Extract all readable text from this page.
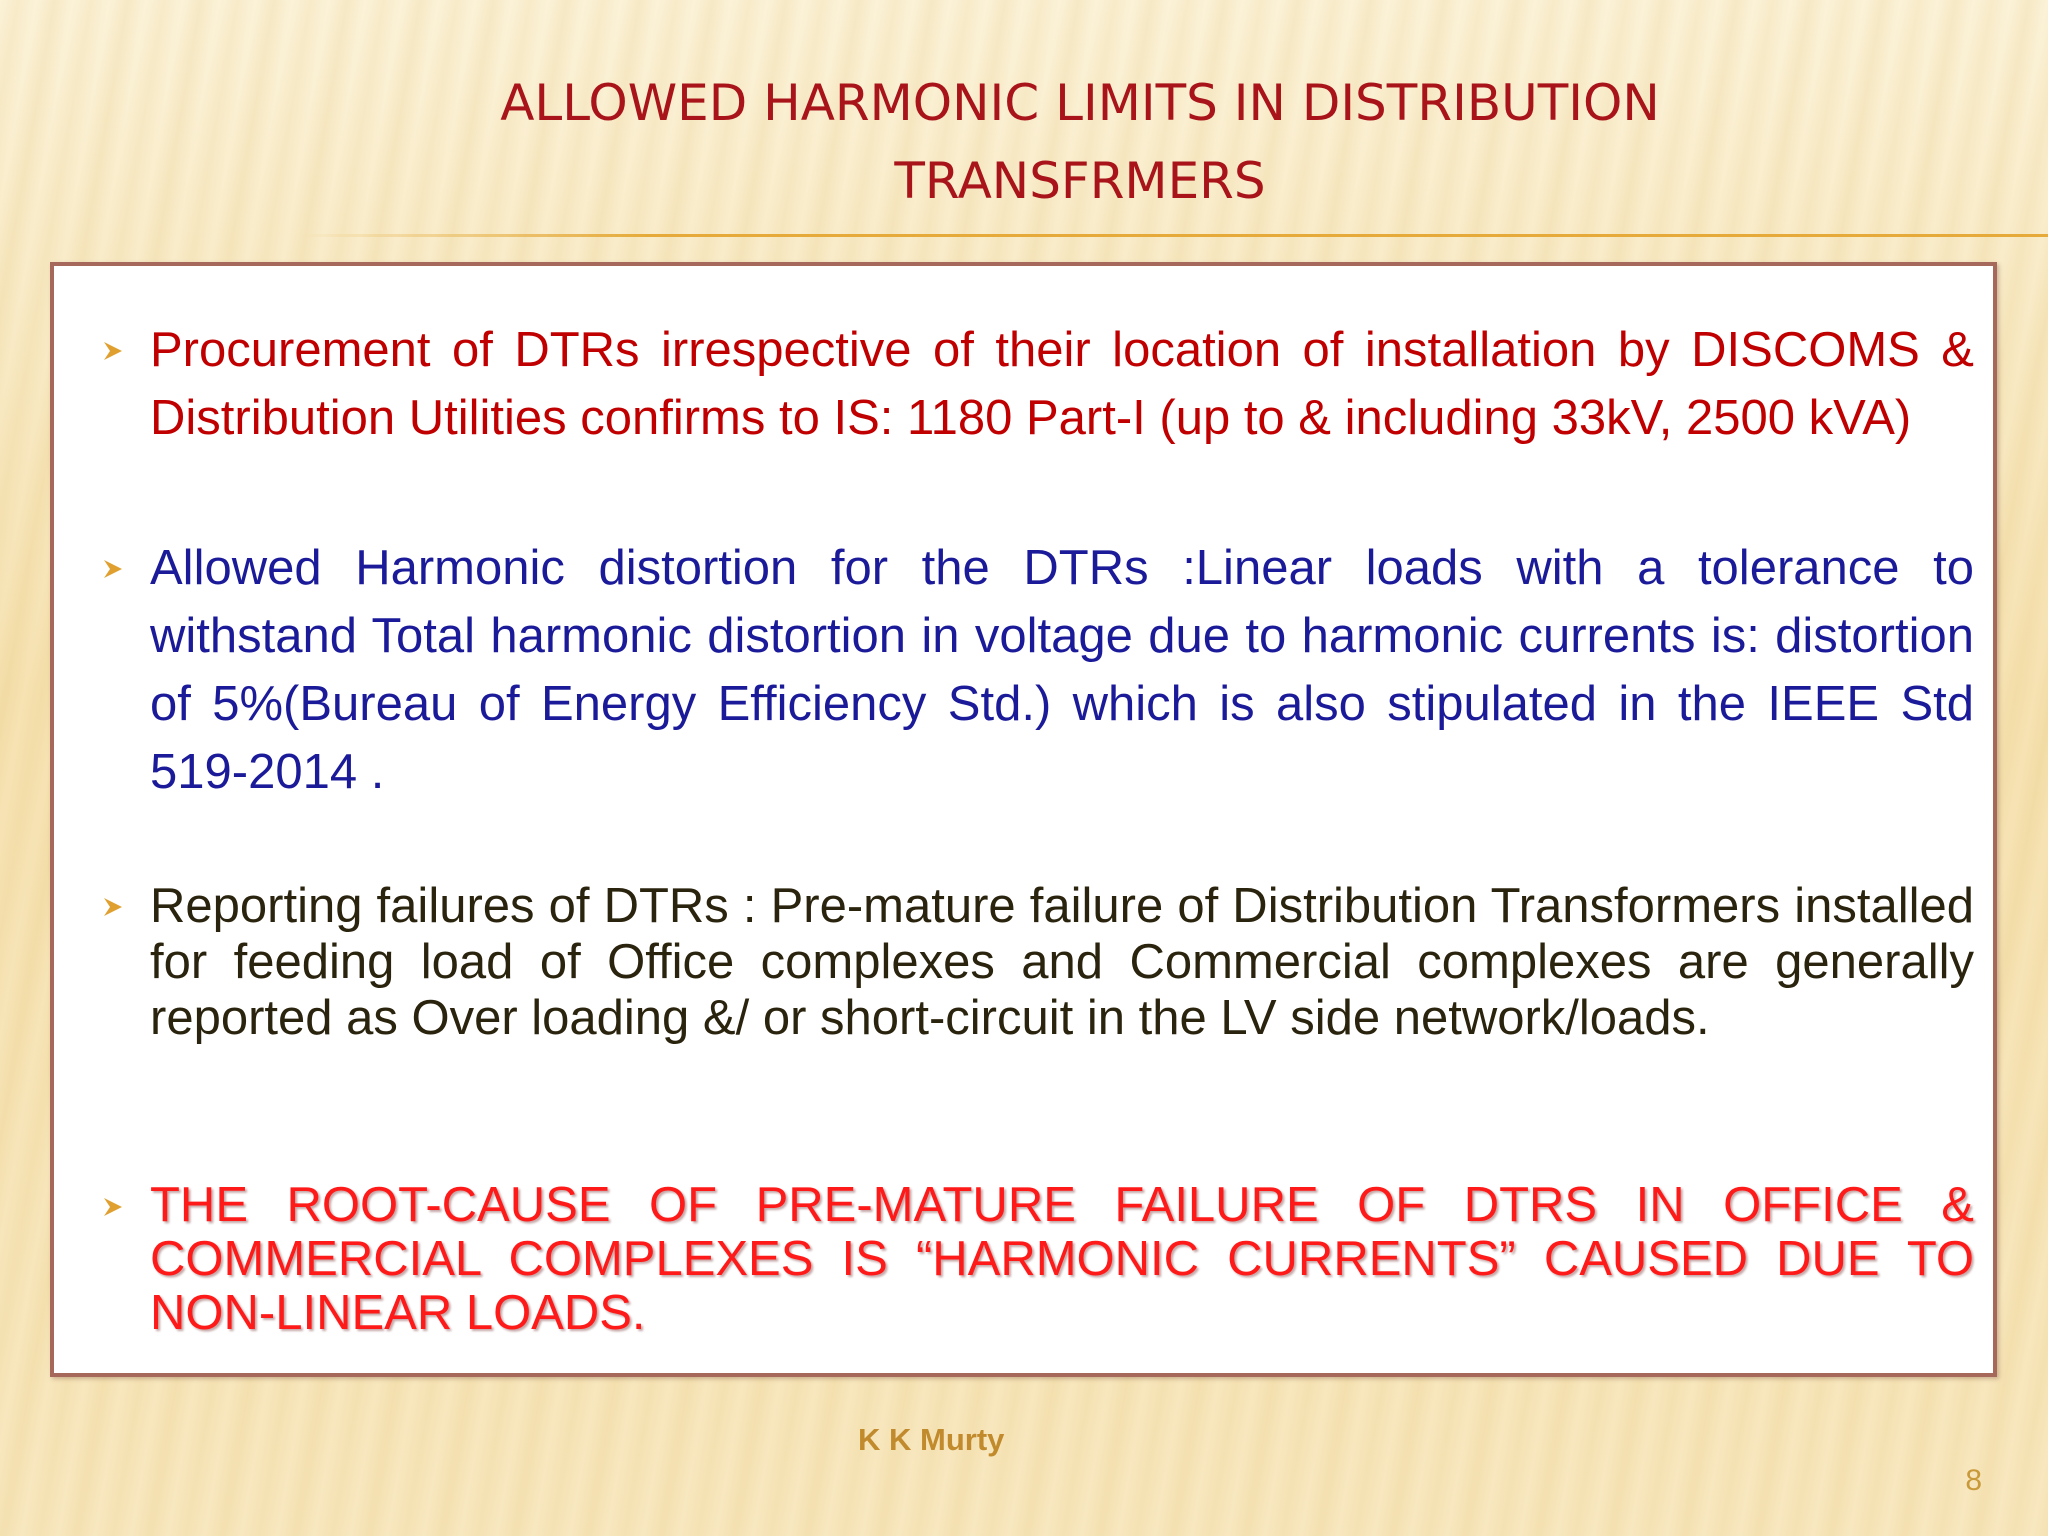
ALLOWED HARMONIC LIMITS IN DISTRIBUTION
TRANSFRMERS
Procurement of DTRs irrespective of their location of installation by DISCOMS & Distribution Utilities confirms to IS: 1180 Part-I (up to & including 33kV, 2500 kVA)
Allowed Harmonic distortion for the DTRs :Linear loads with a tolerance to withstand Total harmonic distortion in voltage due to harmonic currents is: distortion of 5%(Bureau of Energy Efficiency Std.) which is also stipulated in the IEEE Std 519-2014 .
Reporting failures of DTRs : Pre-mature failure of Distribution Transformers installed for feeding load of Office complexes and Commercial complexes are generally reported as Over loading &/ or short-circuit in the LV side network/loads.
THE ROOT-CAUSE OF PRE-MATURE FAILURE OF DTRS IN OFFICE & COMMERCIAL COMPLEXES IS “HARMONIC CURRENTS” CAUSED DUE TO NON-LINEAR LOADS.
K K Murty
8
